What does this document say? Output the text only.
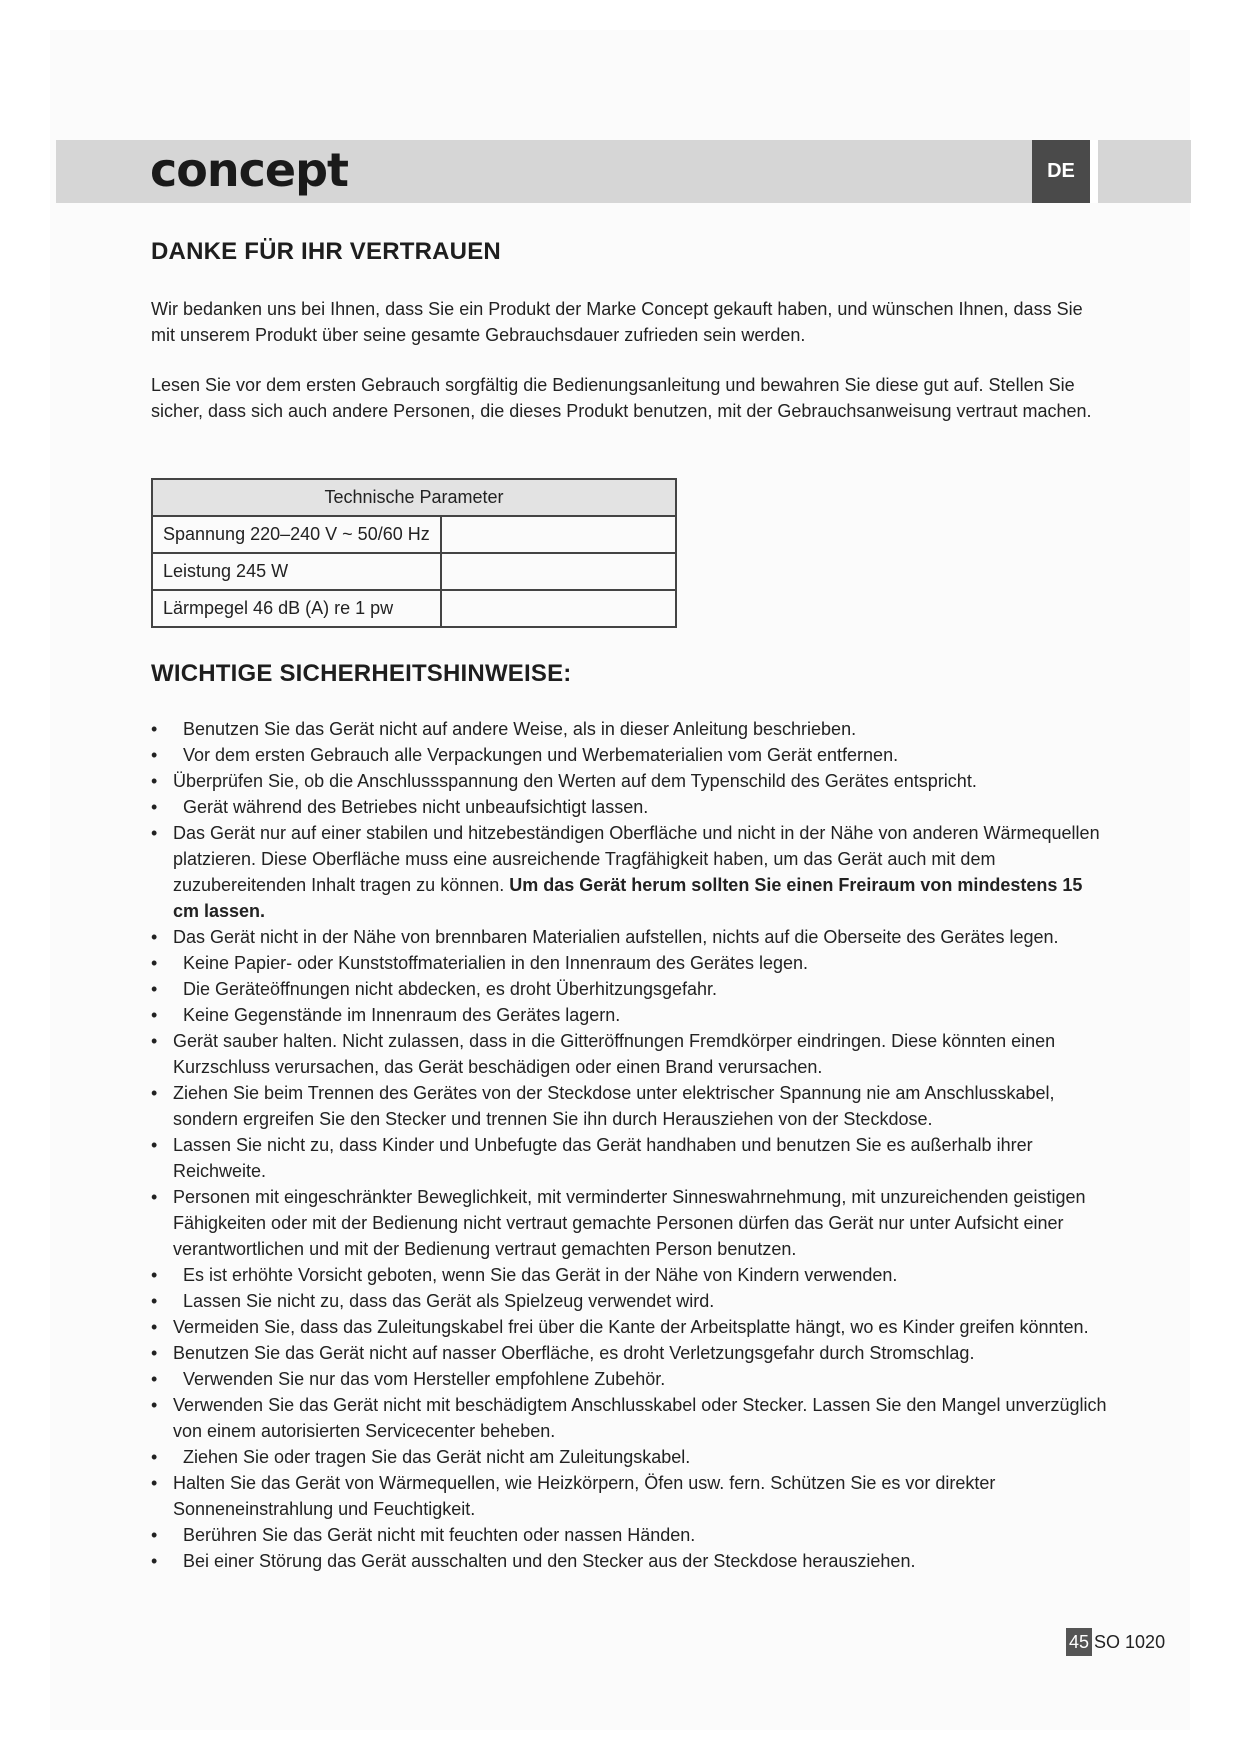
concept	DE
DANKE FÜR IHR VERTRAUEN

Wir bedanken uns bei Ihnen, dass Sie ein Produkt der Marke Concept gekauft haben, und wünschen Ihnen, dass Sie mit unserem Produkt über seine gesamte Gebrauchsdauer zufrieden sein werden.

Lesen Sie vor dem ersten Gebrauch sorgfältig die Bedienungsanleitung und bewahren Sie diese gut auf. Stellen Sie sicher, dass sich auch andere Personen, die dieses Produkt benutzen, mit der Gebrauchsanweisung vertraut machen.

Technische Parameter	
Spannung 220–240 V ~ 50/60 Hz	
Leistung 245 W	
Lärmpegel 46 dB (A) re 1 pw	
WICHTIGE SICHERHEITSHINWEISE:
• Benutzen Sie das Gerät nicht auf andere Weise, als in dieser Anleitung beschrieben.
• Vor dem ersten Gebrauch alle Verpackungen und Werbematerialien vom Gerät entfernen.
• Überprüfen Sie, ob die Anschlussspannung den Werten auf dem Typenschild des Gerätes entspricht.
• Gerät während des Betriebes nicht unbeaufsichtigt lassen.
• Das Gerät nur auf einer stabilen und hitzebeständigen Oberfläche und nicht in der Nähe von anderen Wärmequellen platzieren. Diese Oberfläche muss eine ausreichende Tragfähigkeit haben, um das Gerät auch mit dem zuzubereitenden Inhalt tragen zu können. Um das Gerät herum sollten Sie einen Freiraum von mindestens 15 cm lassen.
• Das Gerät nicht in der Nähe von brennbaren Materialien aufstellen, nichts auf die Oberseite des Gerätes legen.
• Keine Papier- oder Kunststoffmaterialien in den Innenraum des Gerätes legen.
• Die Geräteöffnungen nicht abdecken, es droht Überhitzungsgefahr.
• Keine Gegenstände im Innenraum des Gerätes lagern.
• Gerät sauber halten. Nicht zulassen, dass in die Gitteröffnungen Fremdkörper eindringen. Diese könnten einen Kurzschluss verursachen, das Gerät beschädigen oder einen Brand verursachen.
• Ziehen Sie beim Trennen des Gerätes von der Steckdose unter elektrischer Spannung nie am Anschlusskabel, sondern ergreifen Sie den Stecker und trennen Sie ihn durch Herausziehen von der Steckdose.
• Lassen Sie nicht zu, dass Kinder und Unbefugte das Gerät handhaben und benutzen Sie es außerhalb ihrer Reichweite.
• Personen mit eingeschränkter Beweglichkeit, mit verminderter Sinneswahrnehmung, mit unzureichenden geistigen Fähigkeiten oder mit der Bedienung nicht vertraut gemachte Personen dürfen das Gerät nur unter Aufsicht einer verantwortlichen und mit der Bedienung vertraut gemachten Person benutzen.
• Es ist erhöhte Vorsicht geboten, wenn Sie das Gerät in der Nähe von Kindern verwenden.
• Lassen Sie nicht zu, dass das Gerät als Spielzeug verwendet wird.
• Vermeiden Sie, dass das Zuleitungskabel frei über die Kante der Arbeitsplatte hängt, wo es Kinder greifen könnten.
• Benutzen Sie das Gerät nicht auf nasser Oberfläche, es droht Verletzungsgefahr durch Stromschlag.
• Verwenden Sie nur das vom Hersteller empfohlene Zubehör.
• Verwenden Sie das Gerät nicht mit beschädigtem Anschlusskabel oder Stecker. Lassen Sie den Mangel unverzüglich von einem autorisierten Servicecenter beheben.
• Ziehen Sie oder tragen Sie das Gerät nicht am Zuleitungskabel.
• Halten Sie das Gerät von Wärmequellen, wie Heizkörpern, Öfen usw. fern. Schützen Sie es vor direkter Sonneneinstrahlung und Feuchtigkeit.
• Berühren Sie das Gerät nicht mit feuchten oder nassen Händen.
• Bei einer Störung das Gerät ausschalten und den Stecker aus der Steckdose herausziehen.
45 SO 1020
